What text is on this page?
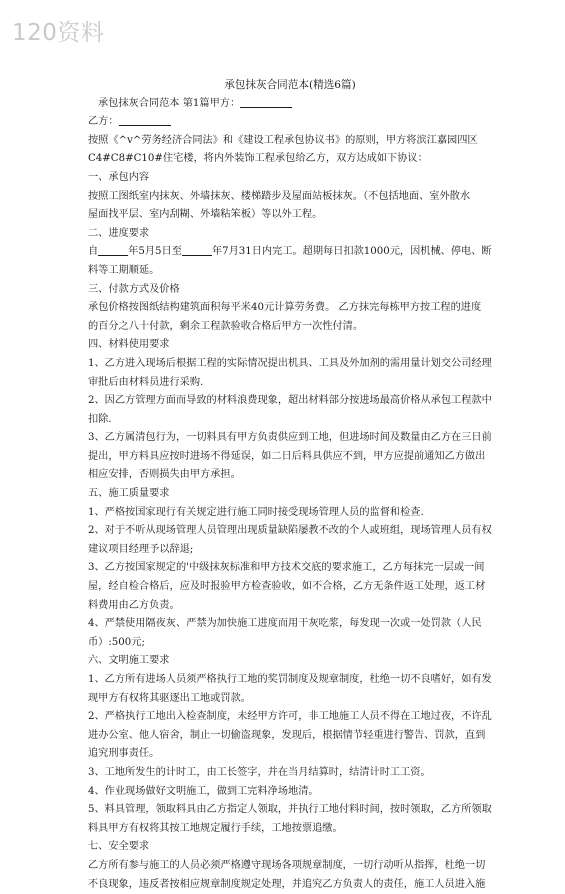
120资料
承包抹灰合同范本(精选6篇)
承包抹灰合同范本 第1篇甲方：
乙方：
按照《^v^劳务经济合同法》和《建设工程承包协议书》的原则，甲方将滨江嘉园四区
C4#C8#C10#住宅楼，将内外装饰工程承包给乙方，双方达成如下协议：
一、承包内容
按照工图纸室内抹灰、外墙抹灰、楼梯踏步及屋面站板抹灰。（不包括地面、室外散水
屋面找平层、室内刮糊、外墙粘笨板）等以外工程。
二、进度要求
自	年5月5日至	年7月31日内完工。超期每日扣款1000元，因机械、停电、断
料等工期顺延。
三、付款方式及价格
承包价格按图纸结构建筑面积每平米40元计算劳务费。 乙方抹完每栋甲方按工程的进度
的百分之八十付款，剩余工程款验收合格后甲方一次性付清。
四、材料使用要求
1、乙方进入现场后根据工程的实际情况提出机具、工具及外加剂的需用量计划交公司经理
审批后由材料员进行采购.
2、因乙方管理方面而导致的材料浪费现象，超出材料部分按进场最高价格从承包工程款中
扣除.
3、乙方属清包行为，一切料具有甲方负责供应到工地，但进场时间及数量由乙方在三日前
提出，甲方料具应按时进场不得延误，如二日后料具供应不到，甲方应提前通知乙方做出
相应安排，否则损失由甲方承担。
五、施工质量要求
1、严格按国家现行有关规定进行施工同时接受现场管理人员的监督和检查.
2、对于不听从现场管理人员管理出现质量缺陷屡教不改的个人或班组，现场管理人员有权
建议项目经理予以辞退;
3、乙方按国家规定的'中级抹灰标准和甲方技术交底的要求施工，乙方每抹完一层或一间
屋，经自检合格后，应及时报验甲方检查验收，如不合格，乙方无条件返工处理，返工材
料费用由乙方负责。
4、严禁使用隔夜灰、严禁为加快施工进度而用干灰吃浆，每发现一次或一处罚款（人民
币）:500元;
六、文明施工要求
1、乙方所有进场人员须严格执行工地的奖罚制度及规章制度，杜绝一切不良嗜好，如有发
现甲方有权将其驱逐出工地或罚款。
2、严格执行工地出入检查制度，未经甲方许可，非工地施工人员不得在工地过夜，不许乱
进办公室、他人宿舍，制止一切偷盗现象，发现后，根据情节轻重进行警告、罚款，直到
追究刑事责任。
3、工地所发生的计时工，由工长签字，并在当月结算时，结清计时工工资。
4、作业现场做好文明施工，做到工完料净场地清。
5、料具管理，领取料具由乙方指定人领取，并执行工地付料时间，按时领取，乙方所领取
料具甲方有权将其按工地规定履行手续，工地按票追缴。
七、安全要求
乙方所有参与施工的人员必须严格遵守现场各项规章制度，一切行动听从指挥，杜绝一切
不良现象，违反者按相应规章制度规定处理，并追究乙方负责人的责任，施工人员进入施
